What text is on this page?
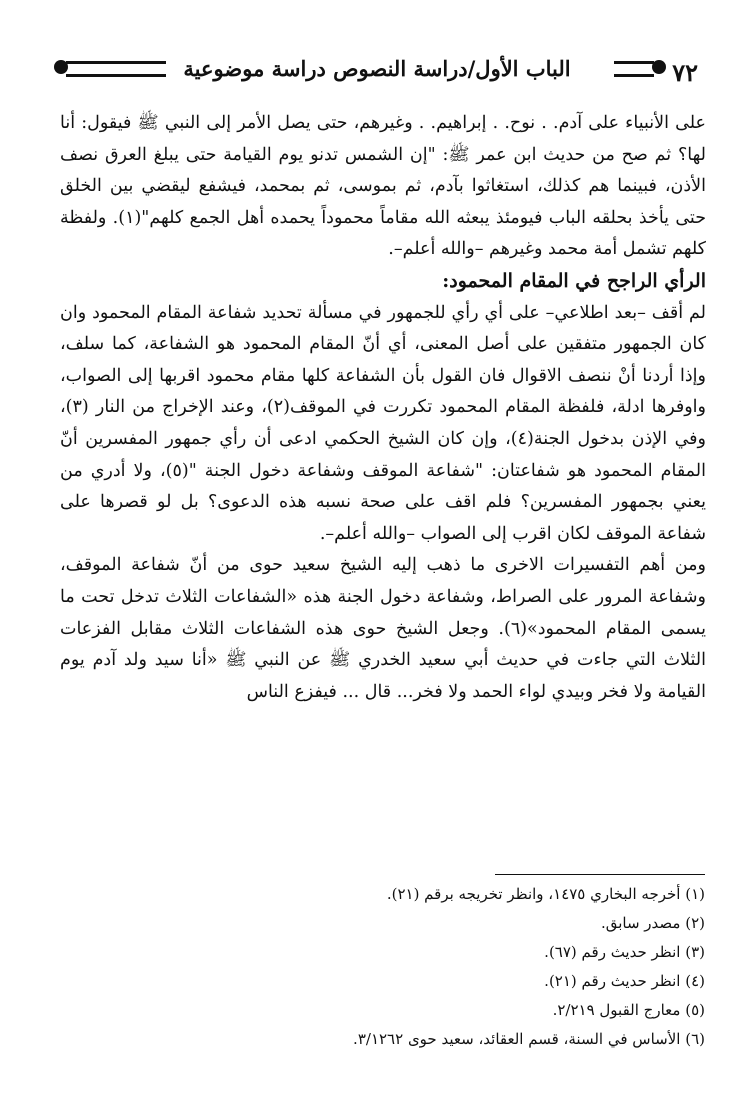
الباب الأول/دراسة النصوص دراسة موضوعية	٧٢

على الأنبياء على آدم. . نوح. . إبراهيم. . وغيرهم، حتى يصل الأمر إلى النبي ﷺ فيقول: أنا لها؟ ثم صح من حديث ابن عمر ﷺ: "إن الشمس تدنو يوم القيامة حتى يبلغ العرق نصف الأذن، فبينما هم كذلك، استغاثوا بآدم، ثم بموسى، ثم بمحمد، فيشفع ليقضي بين الخلق حتى يأخذ بحلقه الباب فيومئذ يبعثه الله مقاماً محموداً يحمده أهل الجمع كلهم"(١). ولفظة كلهم تشمل أمة محمد وغيرهم –والله أعلم–.

الرأي الراجح في المقام المحمود:

لم أقف –بعد اطلاعي– على أي رأي للجمهور في مسألة تحديد شفاعة المقام المحمود وان كان الجمهور متفقين على أصل المعنى، أي أنّ المقام المحمود هو الشفاعة، كما سلف، وإذا أردنا أنْ ننصف الاقوال فان القول بأن الشفاعة كلها مقام محمود اقربها إلى الصواب، واوفرها ادلة، فلفظة المقام المحمود تكررت في الموقف(٢)، وعند الإخراج من النار (٣)، وفي الإذن بدخول الجنة(٤)، وإن كان الشيخ الحكمي ادعى أن رأي جمهور المفسرين أنّ المقام المحمود هو شفاعتان: "شفاعة الموقف وشفاعة دخول الجنة "(٥)، ولا أدري من يعني بجمهور المفسرين؟ فلم اقف على صحة نسبه هذه الدعوى؟ بل لو قصرها على شفاعة الموقف لكان اقرب إلى الصواب –والله أعلم–.

ومن أهم التفسيرات الاخرى ما ذهب إليه الشيخ سعيد حوى من أنّ شفاعة الموقف، وشفاعة المرور على الصراط، وشفاعة دخول الجنة هذه «الشفاعات الثلاث تدخل تحت ما يسمى المقام المحمود»(٦). وجعل الشيخ حوى هذه الشفاعات الثلاث مقابل الفزعات الثلاث التي جاءت في حديث أبي سعيد الخدري ﷺ عن النبي ﷺ «أنا سيد ولد آدم يوم القيامة ولا فخر وبيدي لواء الحمد ولا فخر... قال ... فيفزع الناس

(١) أخرجه البخاري ١٤٧٥، وانظر تخريجه برقم (٢١).
(٢) مصدر سابق.
(٣) انظر حديث رقم (٦٧).
(٤) انظر حديث رقم (٢١).
(٥) معارج القبول ٢/٢١٩.
(٦) الأساس في السنة، قسم العقائد، سعيد حوى ٣/١٢٦٢.
